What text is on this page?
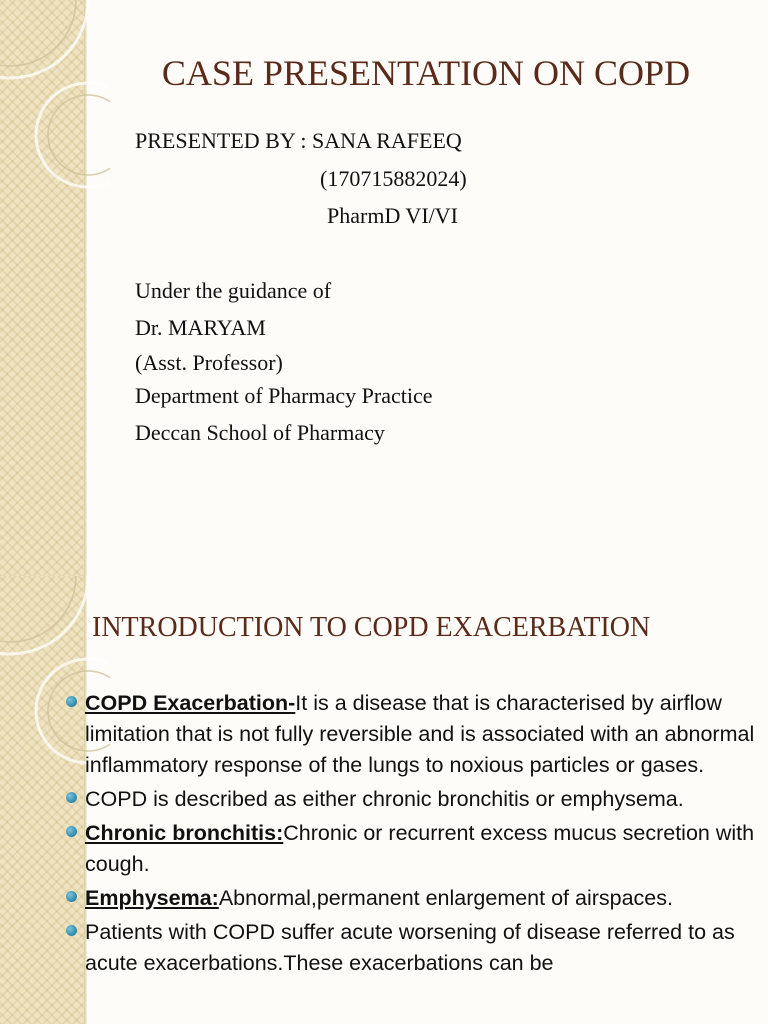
CASE PRESENTATION ON COPD
PRESENTED BY : SANA RAFEEQ
(170715882024)
PharmD VI/VI
Under the guidance of
Dr. MARYAM
(Asst. Professor)
Department of Pharmacy Practice
Deccan School of Pharmacy
INTRODUCTION TO COPD EXACERBATION
COPD Exacerbation-It is a disease that is characterised by airflow limitation that is not fully reversible and is associated with an abnormal inflammatory response of the lungs to noxious particles or gases.
COPD is described as either chronic bronchitis or emphysema.
Chronic bronchitis:Chronic or recurrent excess mucus secretion with cough.
Emphysema:Abnormal,permanent enlargement of airspaces.
Patients with COPD suffer acute worsening of disease referred to as acute exacerbations.These exacerbations can be
